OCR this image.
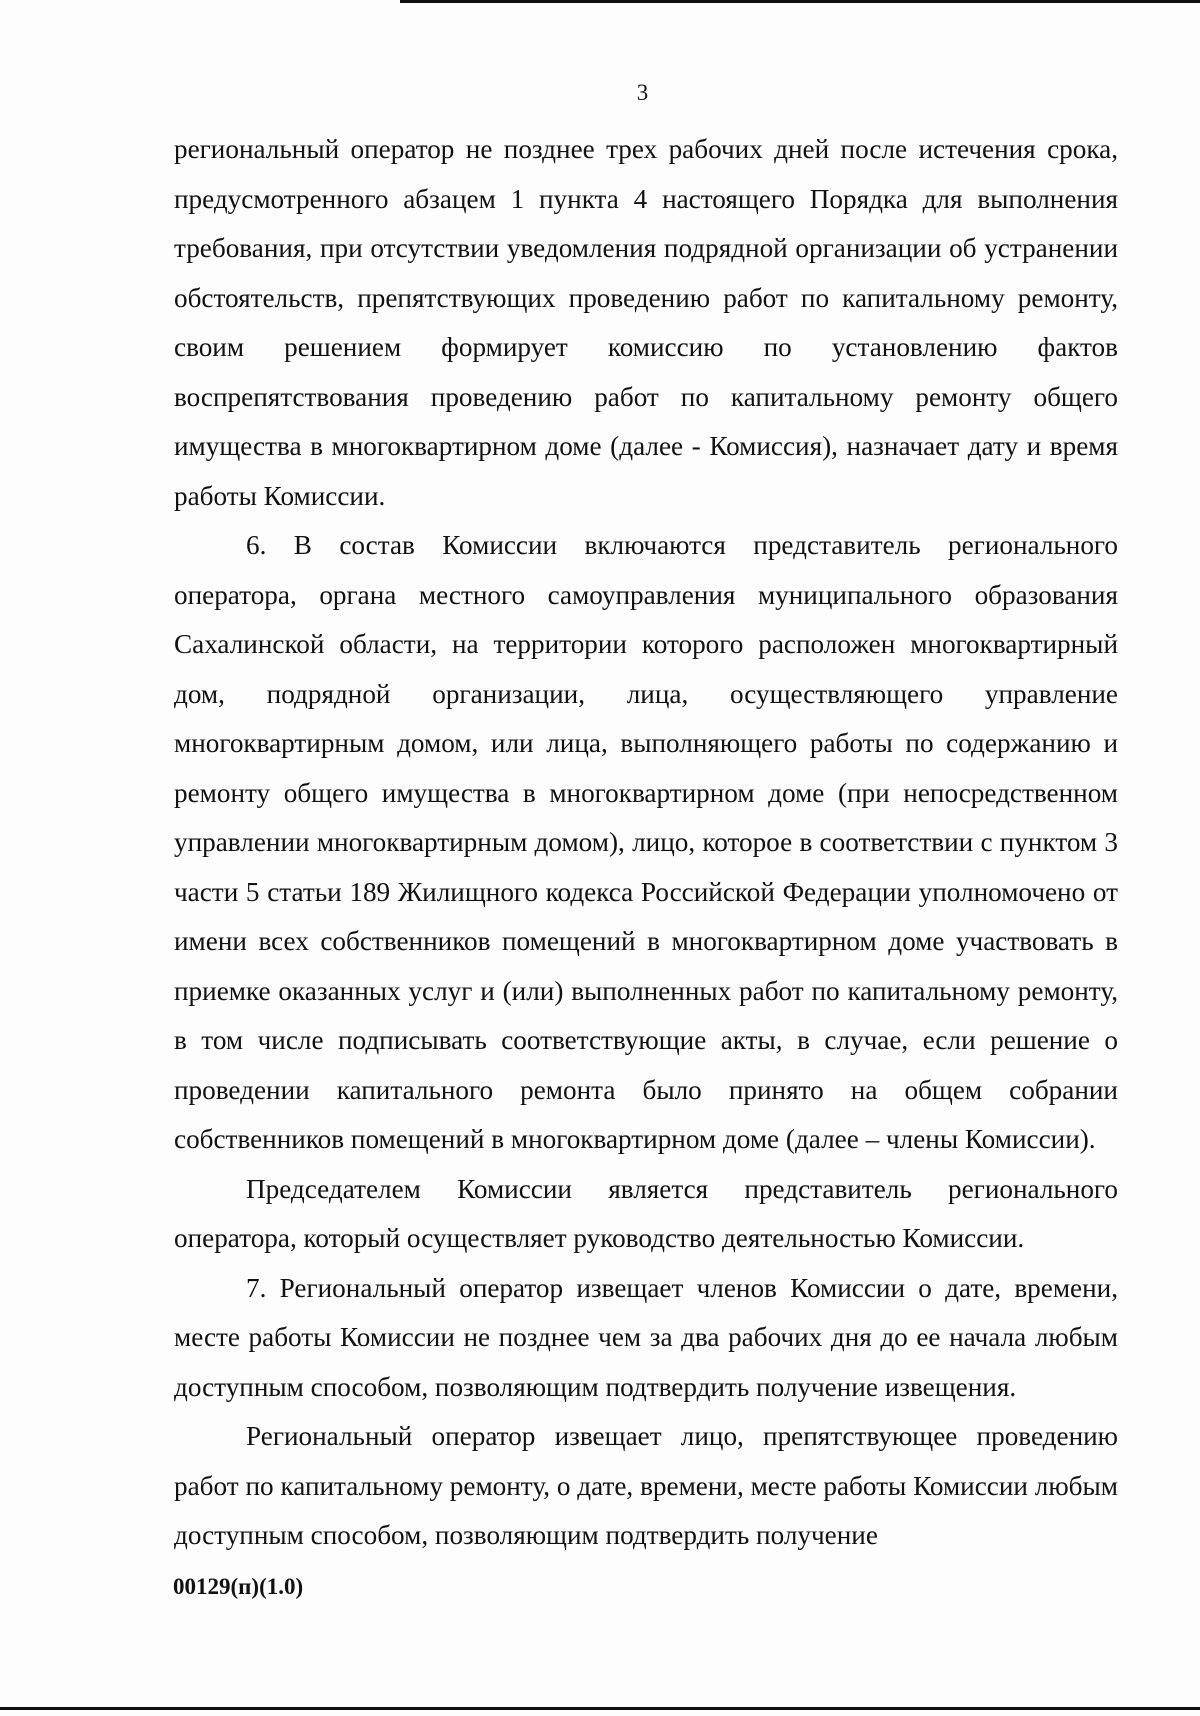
3

региональный оператор не позднее трех рабочих дней после истечения срока, предусмотренного абзацем 1 пункта 4 настоящего Порядка для выполнения требования, при отсутствии уведомления подрядной организации об устранении обстоятельств, препятствующих проведению работ по капитальному ремонту, своим решением формирует комиссию по установлению фактов воспрепятствования проведению работ по капитальному ремонту общего имущества в многоквартирном доме (далее - Комиссия), назначает дату и время работы Комиссии.

6. В состав Комиссии включаются представитель регионального оператора, органа местного самоуправления муниципального образования Сахалинской области, на территории которого расположен многоквартирный дом, подрядной организации, лица, осуществляющего управление многоквартирным домом, или лица, выполняющего работы по содержанию и ремонту общего имущества в многоквартирном доме (при непосредственном управлении многоквартирным домом), лицо, которое в соответствии с пунктом 3 части 5 статьи 189 Жилищного кодекса Российской Федерации уполномочено от имени всех собственников помещений в многоквартирном доме участвовать в приемке оказанных услуг и (или) выполненных работ по капитальному ремонту, в том числе подписывать соответствующие акты, в случае, если решение о проведении капитального ремонта было принято на общем собрании собственников помещений в многоквартирном доме (далее – члены Комиссии).

Председателем Комиссии является представитель регионального оператора, который осуществляет руководство деятельностью Комиссии.

7. Региональный оператор извещает членов Комиссии о дате, времени, месте работы Комиссии не позднее чем за два рабочих дня до ее начала любым доступным способом, позволяющим подтвердить получение извещения.

Региональный оператор извещает лицо, препятствующее проведению работ по капитальному ремонту, о дате, времени, месте работы Комиссии любым доступным способом, позволяющим подтвердить получение

00129(п)(1.0)
